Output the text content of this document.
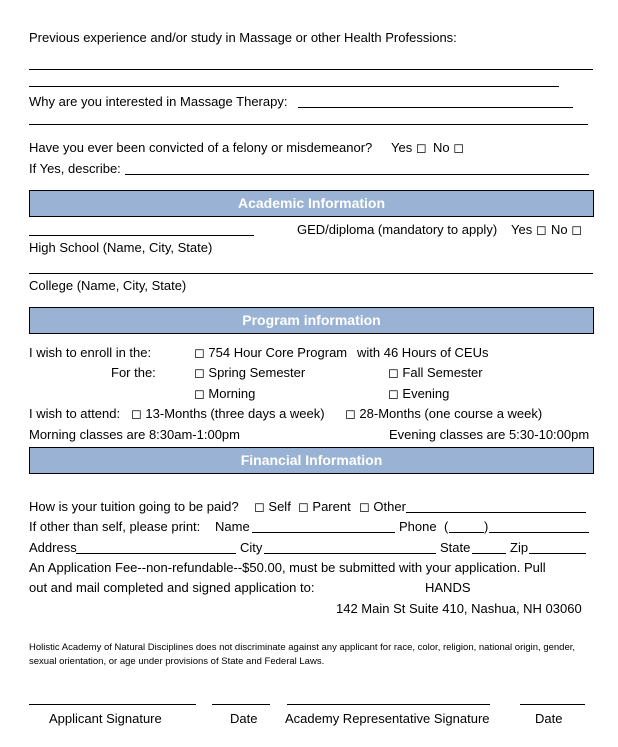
Previous experience and/or study in Massage or other Health Professions:
Why are you interested in Massage Therapy:
Have you ever been convicted of a felony or misdemeanor? Yes ◻ No ◻
If Yes, describe:
Academic Information
GED/diploma (mandatory to apply) Yes ◻ No ◻
High School (Name, City, State)
College (Name, City, State)
Program information
I wish to enroll in the:	◻ 754 Hour Core Program with 46 Hours of CEUs
For the:	◻ Spring Semester	◻ Fall Semester
◻ Morning	◻ Evening
I wish to attend: ◻ 13-Months (three days a week) ◻ 28-Months (one course a week)
Morning classes are 8:30am-1:00pm	Evening classes are 5:30-10:00pm
Financial Information
How is your tuition going to be paid? ◻ Self ◻ Parent ◻ Other
If other than self, please print: Name	Phone (	)
Address	City	State	Zip
An Application Fee--non-refundable--$50.00, must be submitted with your application. Pull
out and mail completed and signed application to:	HANDS
142 Main St Suite 410, Nashua, NH 03060
Holistic Academy of Natural Disciplines does not discriminate against any applicant for race, color, religion, national origin, gender, sexual orientation, or age under provisions of State and Federal Laws.
Applicant Signature	Date Academy Representative Signature	Date
